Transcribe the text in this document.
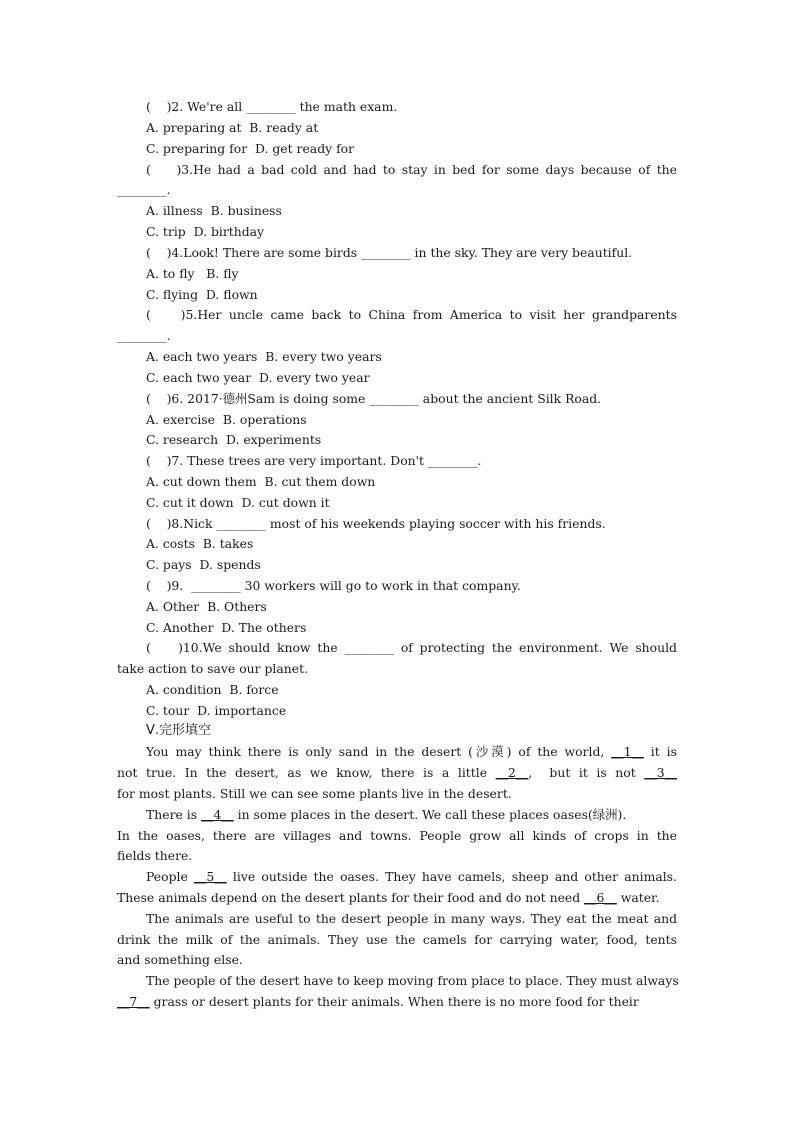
(    )2. We're all ________ the math exam.
A. preparing at  B. ready at
C. preparing for  D. get ready for
(    )3.He had a bad cold and had to stay in bed for some days because of the
________.
A. illness  B. business
C. trip  D. birthday
(    )4.Look! There are some birds ________ in the sky. They are very beautiful.
A. to fly   B. fly
C. flying  D. flown
(    )5.Her uncle came back to China from America to visit her grandparents
________.
A. each two years  B. every two years
C. each two year  D. every two year
(    )6. 2017·德州Sam is doing some ________ about the ancient Silk Road.
A. exercise  B. operations
C. research  D. experiments
(    )7. These trees are very important. Don't ________.
A. cut down them  B. cut them down
C. cut it down  D. cut down it
(    )8.Nick ________ most of his weekends playing soccer with his friends.
A. costs  B. takes
C. pays  D. spends
(    )9.  ________ 30 workers will go to work in that company.
A. Other  B. Others
C. Another  D. The others
(    )10.We should know the ________ of protecting the environment. We should
take action to save our planet.
A. condition  B. force
C. tour  D. importance
Ⅴ.完形填空
You may think there is only sand in the desert (沙漠) of the world, __1__ it is
not true. In the desert, as we know, there is a little __2__,  but it is not __3__
for most plants. Still we can see some plants live in the desert.
There is __4__ in some places in the desert. We call these places oases(绿洲).
In the oases, there are villages and towns. People grow all kinds of crops in the
fields there.
People __5__ live outside the oases. They have camels, sheep and other animals.
These animals depend on the desert plants for their food and do not need __6__ water.
The animals are useful to the desert people in many ways. They eat the meat and
drink the milk of the animals. They use the camels for carrying water, food, tents
and something else.
The people of the desert have to keep moving from place to place. They must always
__7__ grass or desert plants for their animals. When there is no more food for their
